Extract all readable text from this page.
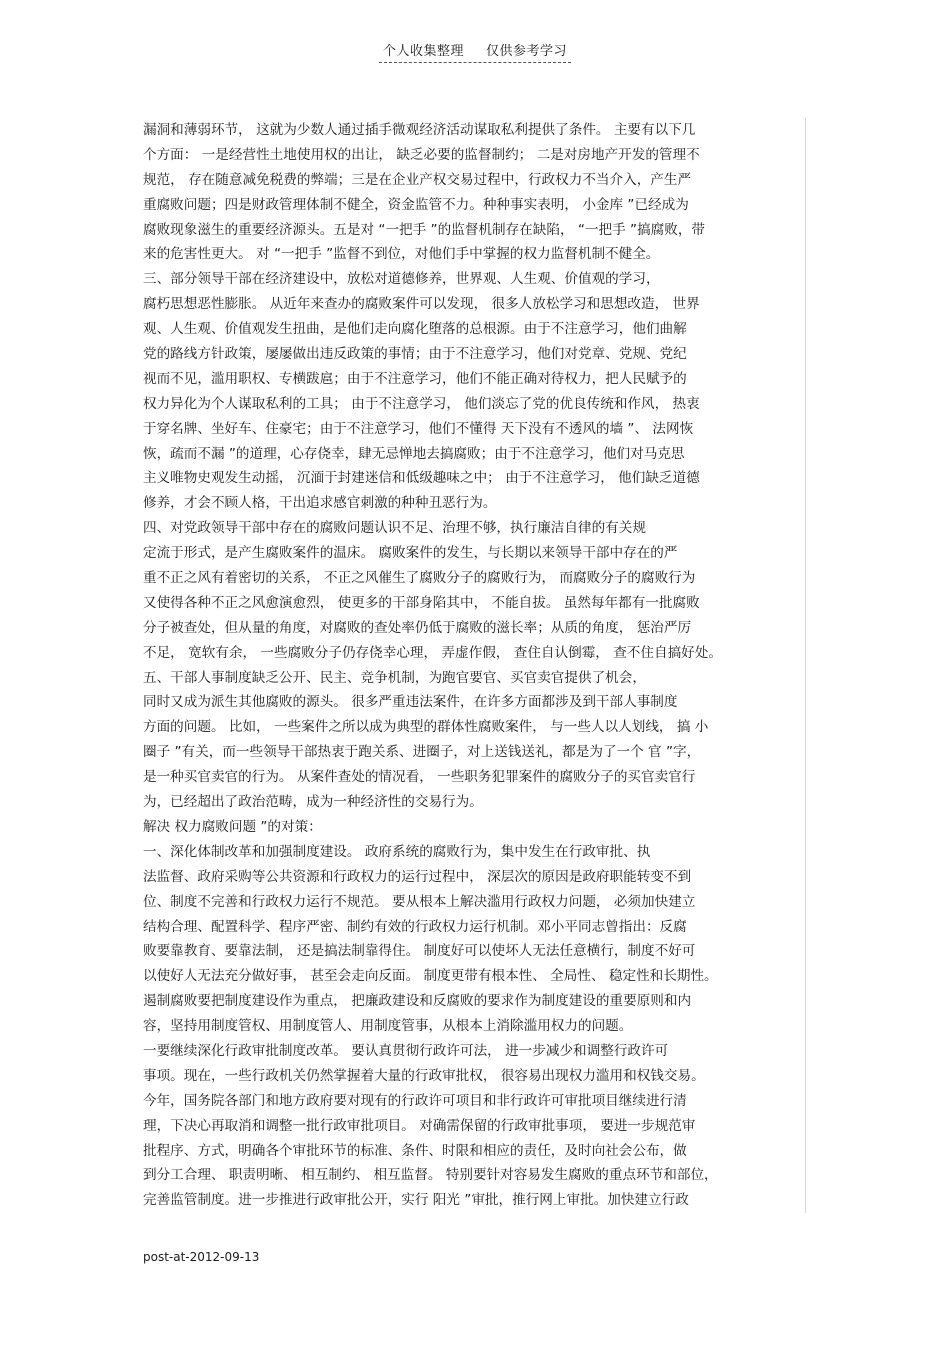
个人收集整理 仅供参考学习
漏洞和薄弱环节， 这就为少数人通过插手微观经济活动谋取私利提供了条件。 主要有以下几
个方面： 一是经营性土地使用权的出让， 缺乏必要的监督制约； 二是对房地产开发的管理不
规范， 存在随意减免税费的弊端；三是在企业产权交易过程中，行政权力不当介入，产生严
重腐败问题；四是财政管理体制不健全，资金监管不力。种种事实表明， 小金库 ”已经成为
腐败现象滋生的重要经济源头。五是对 “一把手 ”的监督机制存在缺陷， “一把手 ”搞腐败，带
来的危害性更大。 对 “一把手 ”监督不到位，对他们手中掌握的权力监督机制不健全。
三、部分领导干部在经济建设中，放松对道德修养，世界观、人生观、价值观的学习，
腐朽思想恶性膨胀。 从近年来查办的腐败案件可以发现， 很多人放松学习和思想改造， 世界
观、人生观、价值观发生扭曲，是他们走向腐化堕落的总根源。由于不注意学习，他们曲解
党的路线方针政策，屡屡做出违反政策的事情；由于不注意学习，他们对党章、党规、党纪
视而不见，滥用职权、专横跋扈；由于不注意学习，他们不能正确对待权力，把人民赋予的
权力异化为个人谋取私利的工具； 由于不注意学习， 他们淡忘了党的优良传统和作风， 热衷
于穿名牌、坐好车、住豪宅；由于不注意学习，他们不懂得 天下没有不透风的墙 ”、 法网恢
恢，疏而不漏 ”的道理，心存侥幸，肆无忌惮地去搞腐败；由于不注意学习，他们对马克思
主义唯物史观发生动摇， 沉湎于封建迷信和低级趣味之中； 由于不注意学习， 他们缺乏道德
修养，才会不顾人格，干出追求感官刺激的种种丑恶行为。
四、对党政领导干部中存在的腐败问题认识不足、治理不够，执行廉洁自律的有关规
定流于形式，是产生腐败案件的温床。 腐败案件的发生，与长期以来领导干部中存在的严
重不正之风有着密切的关系， 不正之风催生了腐败分子的腐败行为， 而腐败分子的腐败行为
又使得各种不正之风愈演愈烈， 使更多的干部身陷其中， 不能自拔。 虽然每年都有一批腐败
分子被查处，但从量的角度，对腐败的查处率仍低于腐败的滋长率；从质的角度， 惩治严厉
不足， 宽软有余， 一些腐败分子仍存侥幸心理， 弄虚作假， 查住自认倒霉， 查不住自搞好处。
五、干部人事制度缺乏公开、民主、竞争机制，为跑官要官、买官卖官提供了机会，
同时又成为派生其他腐败的源头。 很多严重违法案件，在许多方面都涉及到干部人事制度
方面的问题。 比如， 一些案件之所以成为典型的群体性腐败案件， 与一些人以人划线， 搞 小
圈子 ”有关，而一些领导干部热衷于跑关系、进圈子，对上送钱送礼，都是为了一个 官 ”字，
是一种买官卖官的行为。 从案件查处的情况看， 一些职务犯罪案件的腐败分子的买官卖官行
为，已经超出了政治范畴，成为一种经济性的交易行为。
解决 权力腐败问题 ”的对策：
一、深化体制改革和加强制度建设。 政府系统的腐败行为，集中发生在行政审批、执
法监督、政府采购等公共资源和行政权力的运行过程中， 深层次的原因是政府职能转变不到
位、制度不完善和行政权力运行不规范。 要从根本上解决滥用行政权力问题， 必须加快建立
结构合理、配置科学、程序严密、制约有效的行政权力运行机制。邓小平同志曾指出：反腐
败要靠教育、要靠法制， 还是搞法制靠得住。 制度好可以使坏人无法任意横行，制度不好可
以使好人无法充分做好事， 甚至会走向反面。 制度更带有根本性、 全局性、 稳定性和长期性。
遏制腐败要把制度建设作为重点， 把廉政建设和反腐败的要求作为制度建设的重要原则和内
容，坚持用制度管权、用制度管人、用制度管事，从根本上消除滥用权力的问题。
一要继续深化行政审批制度改革。 要认真贯彻行政许可法， 进一步减少和调整行政许可
事项。现在，一些行政机关仍然掌握着大量的行政审批权， 很容易出现权力滥用和权钱交易。
今年，国务院各部门和地方政府要对现有的行政许可项目和非行政许可审批项目继续进行清
理，下决心再取消和调整一批行政审批项目。 对确需保留的行政审批事项， 要进一步规范审
批程序、方式，明确各个审批环节的标准、条件、时限和相应的责任，及时向社会公布，做
到分工合理、 职责明晰、 相互制约、 相互监督。 特别要针对容易发生腐败的重点环节和部位，
完善监管制度。进一步推进行政审批公开，实行 阳光 ”审批，推行网上审批。加快建立行政
post-at-2012-09-13
